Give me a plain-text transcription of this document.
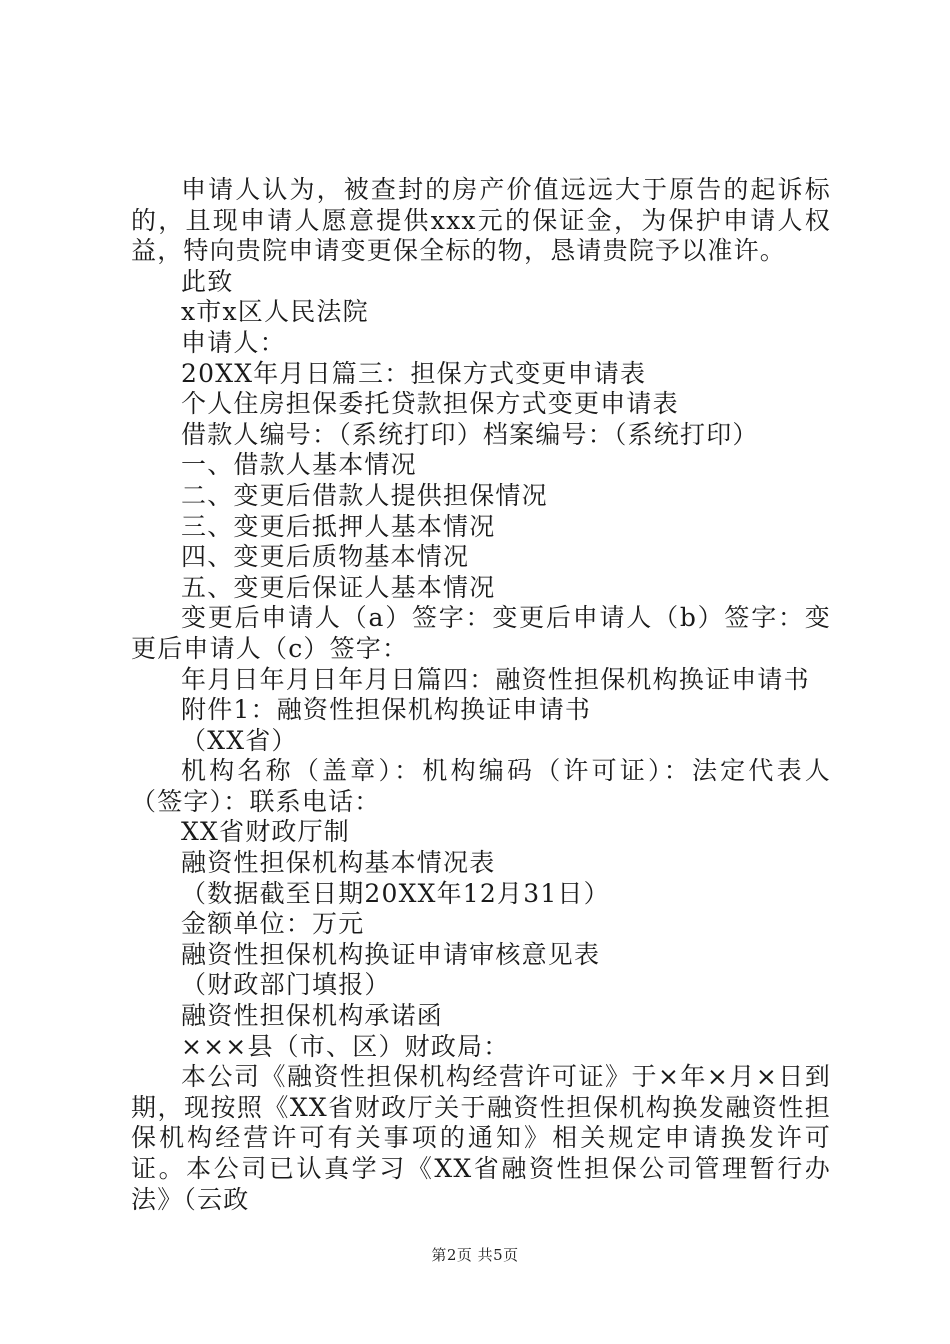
申请人认为，被查封的房产价值远远大于原告的起诉标的，且现申请人愿意提供xxx元的保证金，为保护申请人权益，特向贵院申请变更保全标的物，恳请贵院予以准许。

此致

x市x区人民法院

申请人：

20XX年月日篇三：担保方式变更申请表

个人住房担保委托贷款担保方式变更申请表

借款人编号：（系统打印）档案编号：（系统打印）

一、借款人基本情况

二、变更后借款人提供担保情况

三、变更后抵押人基本情况

四、变更后质物基本情况

五、变更后保证人基本情况

变更后申请人（a）签字：变更后申请人（b）签字：变更后申请人（c）签字：

年月日年月日年月日篇四：融资性担保机构换证申请书

附件1：融资性担保机构换证申请书

（XX省）

机构名称（盖章）：机构编码（许可证）：法定代表人（签字）：联系电话：

XX省财政厅制

融资性担保机构基本情况表

（数据截至日期20XX年12月31日）

金额单位：万元

融资性担保机构换证申请审核意见表

（财政部门填报）

融资性担保机构承诺函

×××县（市、区）财政局：

本公司《融资性担保机构经营许可证》于×年×月×日到期，现按照《XX省财政厅关于融资性担保机构换发融资性担保机构经营许可有关事项的通知》相关规定申请换发许可证。本公司已认真学习《XX省融资性担保公司管理暂行办法》（云政

第2页 共5页
